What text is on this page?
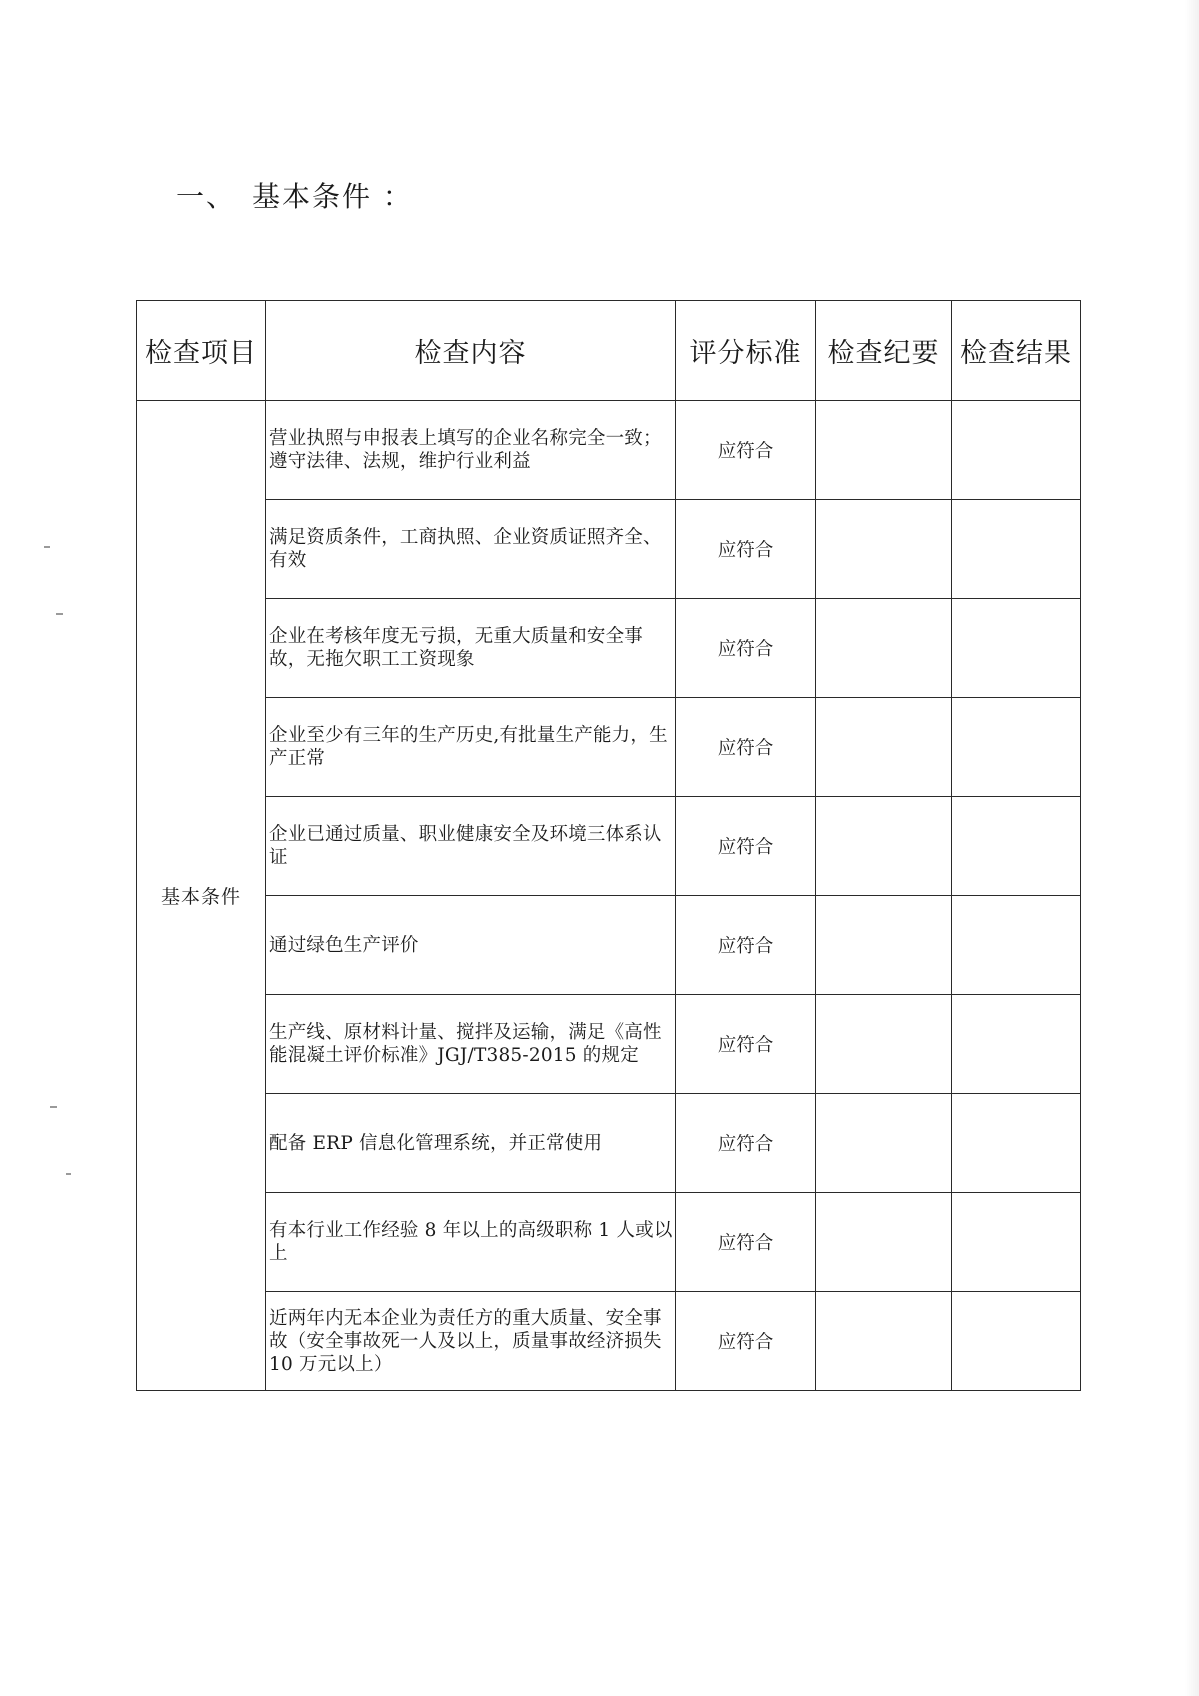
一、 基本条件 ：
检查项目	检查内容	评分标准	检查纪要	检查结果
基本条件	营业执照与申报表上填写的企业名称完全一致；遵守法律、法规，维护行业利益	应符合		
	满足资质条件，工商执照、企业资质证照齐全、有效	应符合		
	企业在考核年度无亏损，无重大质量和安全事故，无拖欠职工工资现象	应符合		
	企业至少有三年的生产历史,有批量生产能力，生产正常	应符合		
	企业已通过质量、职业健康安全及环境三体系认证	应符合		
	通过绿色生产评价	应符合		
	生产线、原材料计量、搅拌及运输，满足《高性能混凝土评价标准》JGJ/T385-2015 的规定	应符合		
	配备 ERP 信息化管理系统，并正常使用	应符合		
	有本行业工作经验 8 年以上的高级职称 1 人或以上	应符合		
	近两年内无本企业为责任方的重大质量、安全事故（安全事故死一人及以上，质量事故经济损失 10 万元以上）	应符合		
